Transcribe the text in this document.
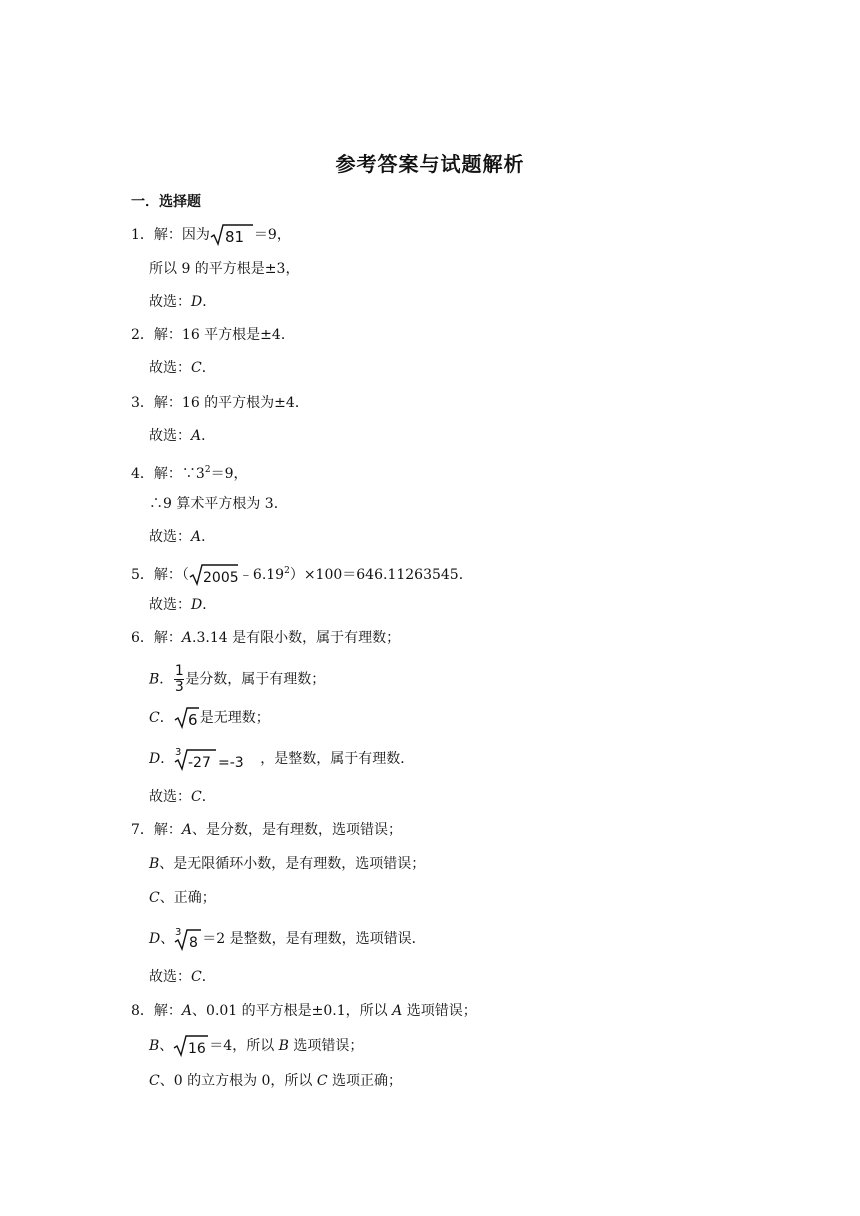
参考答案与试题解析
一．选择题
1．解：因为 81 ＝9，
所以 9 的平方根是±3，
故选：D．
2．解：16 平方根是±4．
故选：C．
3．解：16 的平方根为±4．
故选：A．
4．解：$\because 3^2=9$，
∴9 算术平方根为 3．
故选：A．
5．解：（ 2005 $﹣6.19^2)\times 100=646.11263545$．
故选：D．
6．解：A.3.14 是有限小数，属于有理数；
B． $\frac{1}{3}$ 是分数，属于有理数；
C． 6 是无理数；
D． 3
-27 =-3 ，是整数，属于有理数．
故选：C．
7．解：A、是分数，是有理数，选项错误；
B、是无限循环小数，是有理数，选项错误；
C、正确；
D、 3
8 ＝2 是整数，是有理数，选项错误．
故选：C．
8．解：A、0.01 的平方根是±0.1，所以 A 选项错误；
B、 16 ＝4，所以 B 选项错误；
C、0 的立方根为 0，所以 C 选项正确；
